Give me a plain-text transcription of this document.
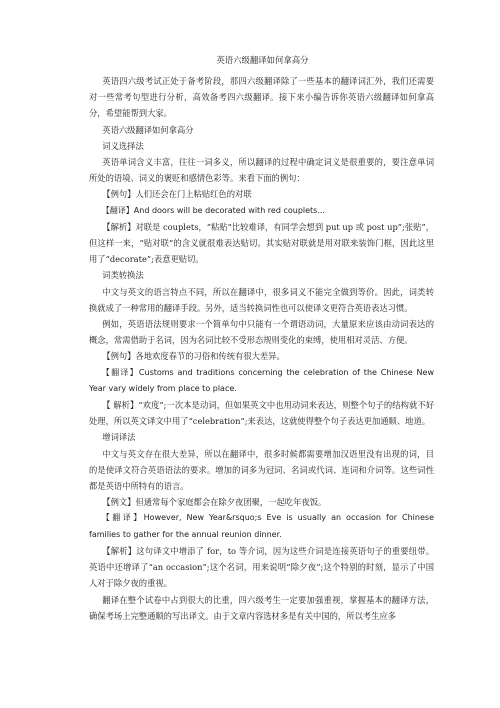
英语六级翻译如何拿高分

英语四六级考试正处于备考阶段，那四六级翻译除了一些基本的翻译词汇外，我们还需要对一些常考句型进行分析，高效备考四六级翻译。接下来小编告诉你英语六级翻译如何拿高分，希望能帮到大家。

英语六级翻译如何拿高分

词义选择法

英语单词含义丰富，往往一词多义，所以翻译的过程中确定词义是很重要的，要注意单词所处的语境、词义的褒贬和感情色彩等。来看下面的例句：

【例句】人们还会在门上粘贴红色的对联

【翻译】And doors will be decorated with red couplets...

【解析】对联是 couplets，“粘贴”比较难译，有同学会想到 put up 或 post up”;张贴”，但这样一来，“贴对联”的含义就很难表达贴切。其实贴对联就是用对联来装饰门框，因此这里用了“decorate”;表意更贴切。

词类转换法

中文与英文的语言特点不同，所以在翻译中，很多词义不能完全做到等价。因此，词类转换就成了一种常用的翻译手段。另外，适当转换词性也可以使译文更符合英语表达习惯。

例如，英语语法规则要求一个简单句中只能有一个谓语动词，大量原来应该由动词表达的概念，常需借助于名词，因为名词比较不受形态规则变化的束缚，使用相对灵活、方便。

【例句】各地欢度春节的习俗和传统有很大差异。

【翻译】Customs and traditions concerning the celebration of the Chinese New Year vary widely from place to place.

【 解析】“欢度”;一次本是动词，但如果英文中也用动词来表达，则整个句子的结构就不好处理，所以英文译文中用了“celebration”;来表达，这就使得整个句子表达更加通顺、地道。

增词译法

中文与英文存在很大差异，所以在翻译中，很多时候都需要增加汉语里没有出现的词，目的是使译文符合英语语法的要求。增加的词多为冠词、名词或代词、连词和介词等。这些词性都是英语中所特有的语言。

【例文】但通常每个家庭都会在除夕夜团聚，一起吃年夜饭。

【翻译】However, New Year&rsquo;s Eve is usually an occasion for Chinese families to gather for the annual reunion dinner.

【解析】这句译文中增添了 for，to 等介词，因为这些介词是连接英语句子的重要纽带。英语中还增译了“an occasion”;这个名词，用来说明“除夕夜”;这个特别的时刻，显示了中国人对于除夕夜的重视。

翻译在整个试卷中占到很大的比重，四六级考生一定要加强重视，掌握基本的翻译方法，确保考场上完整通顺的写出译文。由于文章内容选材多是有关中国的，所以考生应多
